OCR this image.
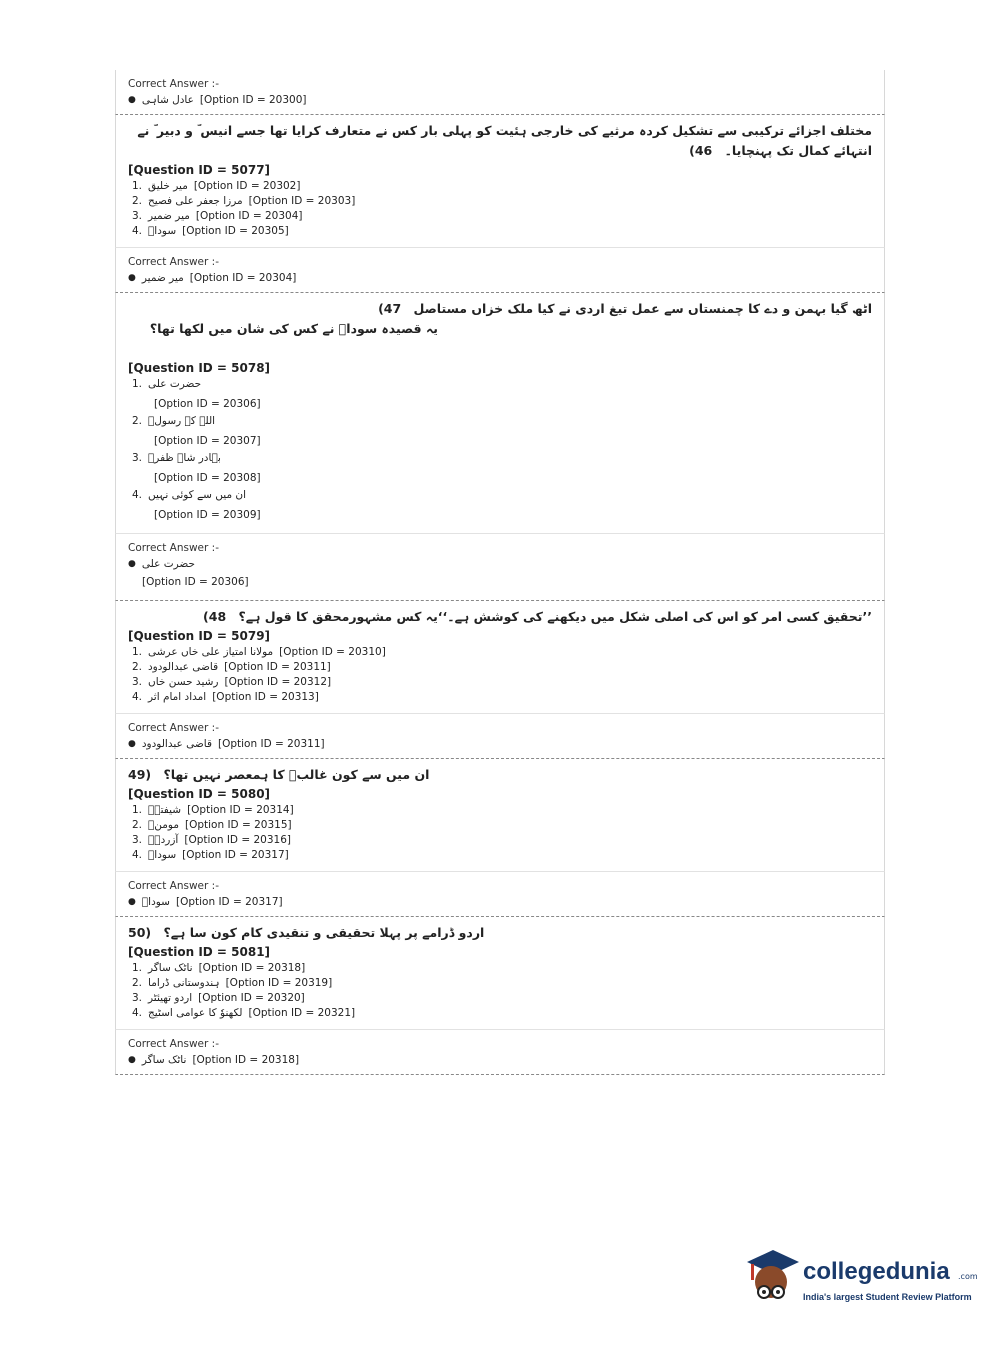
Correct Answer :-
● عادل شاہی [Option ID = 20300]
مختلف اجزائے ترکیبی سے تشکیل کردہ مرثیے کی خارجی ہئیت کو پہلی بار کس نے متعارف کرایا تھا جسے انیس ؔ و دبیر ؔ نے انتہائے کمال تک پہنچایا۔ 46)
[Question ID = 5077]
1. میر خلیق [Option ID = 20302]
2. مرزا جعفر علی فصیح [Option ID = 20303]
3. میر ضمیر [Option ID = 20304]
4. سوداؔ [Option ID = 20305]
Correct Answer :-
● میر ضمیر [Option ID = 20304]
اٹھ گیا بہمن و دے کا چمنستاں سے عمل تیغ اردی نے کیا ملک خزاں مستاصل 47)
یہ قصیدہ سوداؔ نے کس کی شان میں لکھا تھا؟
[Question ID = 5078]
1. حضرت علی
[Option ID = 20306]
2. اللہ کے رسولؐ
[Option ID = 20307]
3. بہادر شاہ ظفرؔ
[Option ID = 20308]
4. ان میں سے کوئی نہیں
[Option ID = 20309]
Correct Answer :-
● حضرت علی
[Option ID = 20306]
’’تحقیق کسی امر کو اس کی اصلی شکل میں دیکھنے کی کوشش ہے۔‘‘یہ کس مشہورمحقق کا قول ہے؟ 48)
[Question ID = 5079]
1. مولانا امتیاز علی خاں عرشی [Option ID = 20310]
2. قاضی عبدالودود [Option ID = 20311]
3. رشید حسن خاں [Option ID = 20312]
4. امداد امام اثر [Option ID = 20313]
Correct Answer :-
● قاضی عبدالودود [Option ID = 20311]
49) ان میں سے کون غالبؔ کا ہمعصر نہیں تھا؟
[Question ID = 5080]
1. شیفتہؔ [Option ID = 20314]
2. مومنؔ [Option ID = 20315]
3. آزردہؔ [Option ID = 20316]
4. سوداؔ [Option ID = 20317]
Correct Answer :-
● سوداؔ [Option ID = 20317]
50) اردو ڈرامے پر پہلا تحقیقی و تنقیدی کام کون سا ہے؟
[Question ID = 5081]
1. ناٹک ساگر [Option ID = 20318]
2. ہندوستانی ڈراما [Option ID = 20319]
3. اردو تھیئٹر [Option ID = 20320]
4. لکھنوٗ کا عوامی اسٹیج [Option ID = 20321]
Correct Answer :-
● ناٹک ساگر [Option ID = 20318]
collegedunia .com
India's largest Student Review Platform
